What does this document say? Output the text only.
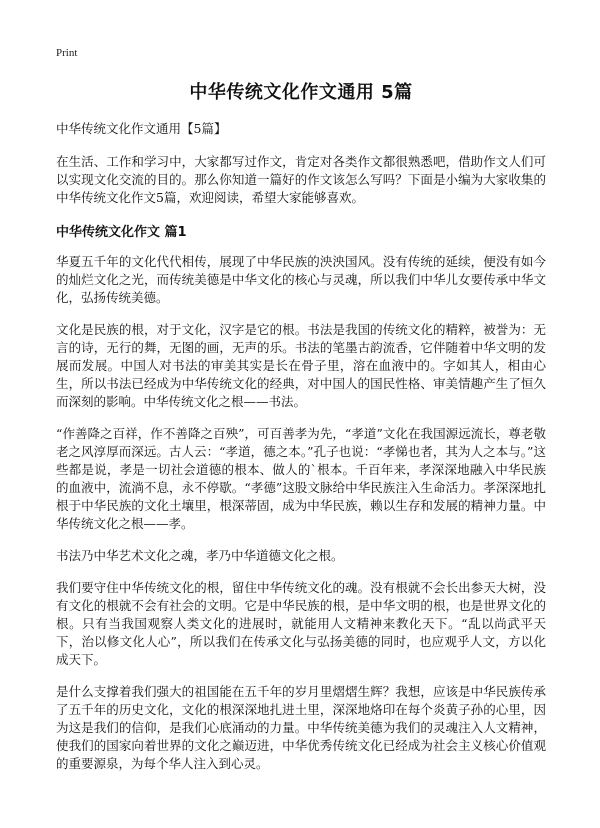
Print
中华传统文化作文通用 5篇

中华传统文化作文通用【5篇】

在生活、工作和学习中，大家都写过作文，肯定对各类作文都很熟悉吧，借助作文人们可以实现文化交流的目的。那么你知道一篇好的作文该怎么写吗？下面是小编为大家收集的中华传统文化作文5篇，欢迎阅读，希望大家能够喜欢。

中华传统文化作文 篇1

华夏五千年的文化代代相传，展现了中华民族的泱泱国风。没有传统的延续，便没有如今的灿烂文化之光，而传统美德是中华文化的核心与灵魂，所以我们中华儿女要传承中华文化，弘扬传统美德。

文化是民族的根，对于文化，汉字是它的根。书法是我国的传统文化的精粹，被誉为：无言的诗，无行的舞，无图的画，无声的乐。书法的笔墨古韵流香，它伴随着中华文明的发展而发展。中国人对书法的审美其实是长在骨子里，溶在血液中的。字如其人，相由心生，所以书法已经成为中华传统文化的经典，对中国人的国民性格、审美情趣产生了恒久而深刻的影响。中华传统文化之根——书法。

“作善降之百祥，作不善降之百殃”，可百善孝为先，“孝道”文化在我国源远流长，尊老敬老之风淳厚而深远。古人云：“孝道，德之本。”孔子也说：“孝悌也者，其为人之本与。”这些都是说，孝是一切社会道德的根本、做人的`根本。千百年来，孝深深地融入中华民族的血液中，流淌不息，永不停歇。“孝德”这股文脉给中华民族注入生命活力。孝深深地扎根于中华民族的文化土壤里，根深蒂固，成为中华民族，赖以生存和发展的精神力量。中华传统文化之根——孝。

书法乃中华艺术文化之魂，孝乃中华道德文化之根。

我们要守住中华传统文化的根，留住中华传统文化的魂。没有根就不会长出参天大树，没有文化的根就不会有社会的文明。它是中华民族的根，是中华文明的根，也是世界文化的根。只有当我国观察人类文化的进展时，就能用人文精神来教化天下。“乱以尚武平天下，治以修文化人心”，所以我们在传承文化与弘扬美德的同时，也应观乎人文，方以化成天下。

是什么支撑着我们强大的祖国能在五千年的岁月里熠熠生辉？我想，应该是中华民族传承了五千年的历史文化，文化的根深深地扎进土里，深深地烙印在每个炎黄子孙的心里，因为这是我们的信仰，是我们心底涌动的力量。中华传统美德为我们的灵魂注入人文精神，使我们的国家向着世界的文化之巅迈进，中华优秀传统文化已经成为社会主义核心价值观的重要源泉，为每个华人注入到心灵。
